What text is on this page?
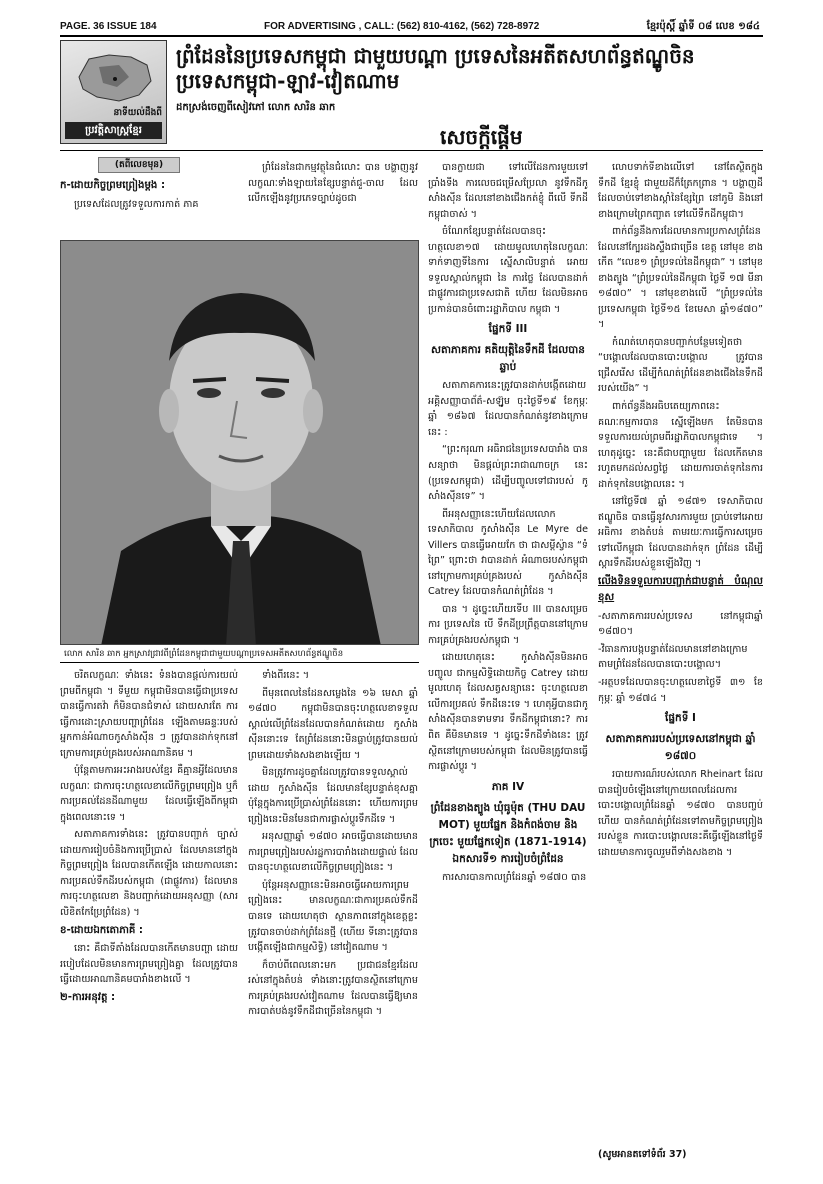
PAGE. 36 ISSUE 184	FOR ADVERTISING , CALL: (562) 810-4162, (562) 728-8972	ខ្មែរប៉ុស្ដិ៍ ឆ្នាំទី ០៨ លេខ ១៨៤
នាទីយល់ដឹងពី
ប្រវត្តិសាស្ត្រខ្មែរ
ព្រំដែននៃប្រទេសកម្ពុជា ជាមួយបណ្ដា ប្រទេសនៃអតីតសហព័ន្ធឥណ្ឌូចិន ប្រទេសកម្ពុជា-ឡាវ-វៀតណាម
ដកស្រង់ចេញពីសៀវភៅ លោក សារិន ឆាក
សេចក្ដីផ្ដើម
(តពីលេខមុន)

ក-ដោយកិច្ចព្រមព្រៀងម្ដង :

ប្រទេសដែលត្រូវទទួលការកាត់ ភាគ

ព្រំដែននៃជាកម្មវត្ថុនៃជំលោះ បាន បង្ហាញនូវលក្ខណៈទាំងឡាយនៃខ្សែបន្ទាត់ជួ-ចាល ដែលលើកឡើងនូវប្រភេទច្បាប់ដូចជា

លោក សារិន ឆាក អ្នកស្រាវជ្រាវពីព្រំដែនកម្ពុជាជាមួយបណ្ដាប្រទេសអតីតសហព័ន្ធឥណ្ឌូចិន

ចរិតលក្ខណៈ ទាំងនេះ ទំនងបានផ្ដល់ការយល់ព្រមពីកម្ពុជា ។ ទីមួយ កម្ពុជាមិនបានធ្វើជាប្រទេសបានធ្វើការតវ៉ា ក៏មិនបានជំទាស់ ដោយសារតែ ការធ្វើការដោះស្រាយបញ្ហាព្រំដែន ឡើងតាមឆន្ទៈរបស់អ្នកកាន់អំណាចកូសាំងស៊ីន ៗ ត្រូវបានដាក់ទុកនៅក្រោមការគ្រប់គ្រងរបស់អាណានិគម ។

ប៉ុន្តែតាមការអះអាងរបស់ខ្មែរ គឺគ្មានអ្វីដែលមានលក្ខណៈ ជាការចុះហត្ថលេខាលើកិច្ចព្រមព្រៀង ឬក៏ការប្រគល់ដែនដីណាមួយ ដែលធ្វើឡើងពីកម្ពុជា ក្នុងពេលនោះទេ ។

សតាភាគការទាំងនេះ ត្រូវបានបញ្ជាក់ ច្បាស់ ដោយការរៀបចំនិងការប្រើប្រាស់ ដែលមាននៅក្នុងកិច្ចព្រមព្រៀង ដែលបានកើតឡើង ដោយកាលនោះ ការប្រគល់ទឹកដីរបស់កម្ពុជា (ជាផ្លូវការ) ដែលមានការចុះហត្ថលេខា និងបញ្ជាក់ដោយអនុសញ្ញា (សារលិខិតកែប្រែព្រំដែន) ។

ខ-ដោយឯកតោភាគី :

នោះ គឺជាទីតាំងដែលបានកើតមានបញ្ហា ដោយរបៀបដែលមិនមានការព្រមព្រៀងគ្នា ដែលត្រូវបានធ្វើដោយអាណានិគមបារាំងខាងលើ ។

២-ការអនុវត្ត :

ទាំងពីរនេះ ។

ពីមុនពេលនៃដែនសម្លេងនៃ ១៦ មេសា ឆ្នាំ ១៨៧០ កម្ពុជាមិនបានចុះហត្ថលេខាទទួលស្គាល់លើព្រំដែនដែលបានកំណត់ដោយ កូសាំងស៊ីននោះទេ តែព្រំដែននោះមិនធ្លាប់ត្រូវបានយល់ព្រមដោយទាំងសងខាងឡើយ ។

មិនត្រូវការដូចគ្នាដែលត្រូវបានទទួលស្គាល់ដោយ កូសាំងស៊ីន ដែលមានខ្សែបន្ទាត់ខុសគ្នា ប៉ុន្តែក្នុងការប្រើប្រាស់ព្រំដែននោះ ហើយការព្រមព្រៀងនេះមិនមែនជាការផ្លាស់ប្ដូរទឹកដីទេ ។

អនុសញ្ញាឆ្នាំ ១៨៧០ អាចធ្វើបានដោយមាន ការព្រមព្រៀងរបស់រដ្ឋការបារាំងដោយផ្ទាល់ ដែលបានចុះហត្ថលេខាលើកិច្ចព្រមព្រៀងនេះ ។

ប៉ុន្តែអនុសញ្ញានេះមិនអាចធ្វើអោយការព្រមព្រៀងនេះ មានលក្ខណៈជាការប្រគល់ទឹកដីបានទេ ដោយហេតុថា ស្ថានភាពនៅក្នុងខេត្តខ្លះ ត្រូវបានចាប់ដាក់ព្រំដែនថ្មី (ហើយ ទីនោះត្រូវបានបង្កើតឡើងជាកម្មសិទ្ធិ) នៅវៀតណាម ។

ក៏ចាប់ពីពេលនោះមក ប្រជាជនខ្មែរដែលរស់នៅក្នុងតំបន់ ទាំងនោះត្រូវបានស្ថិតនៅក្រោមការគ្រប់គ្រងរបស់វៀតណាម ដែលបានធ្វើឱ្យមានការបាត់បង់នូវទឹកដីជាច្រើននៃកម្ពុជា ។

បានក្លាយជា ទៅលើដែនការមួយទៅប្រាំងទីង ការលេចជម្រើសប្រែលា នូវទឹកដីកូសាំងស៊ីន ដែលនៅខាងជើងកត់ខ្ញុំ ពីលើ ទីកដីកម្ពុជាចាស់ ។

ចំណែកខ្សែបន្ទាត់ដែលបានចុះហត្ថលេខា១៧ ដោយមូលហេតុនៃលក្ខណៈទាក់ទាញទីនៃការ ស្នើសាលិបន្ទាត់ អោយទទួលស្គាល់កម្ពុជា នៃ ការថ្លៃ ដែលបានដាក់ជាផ្លូវការជាប្រទេសជាតិ ហើយ ដែលមិនអាចប្រកាន់បានចំពោះរដ្ឋាភិបាល កម្ពុជា ។

ផ្នែកទី III

សតាភាគការ គតិយុត្តិនៃទឹកដី ដែលបានឆ្លាប់

សតាភាគការនេះត្រូវបានដាក់បង្កើតដោយ អគ្គិសញ្ញាបាព័ត៌-សឡ៊ូម ចុះថ្ងៃទី១៩ ខែកុម្ភៈ ឆ្នាំ ១៨៦៧ ដែលបានកំណត់នូវខាងក្រោមនេះ :

“ព្រះករុណា អធិរាជនៃប្រទេសបារាំង បានសន្យាថា មិនផ្ដល់ព្រះរាជាណាចក្រ នេះ (ប្រទេសកម្ពុជា) ដើម្បីបញ្ចូលទៅជារបស់ កូសាំងស៊ីនទេ” ។

ពីអនុសញ្ញានេះហើយដែលលោកទេសាភិបាល កូសាំងស៊ីន Le Myre de Villers បានធ្វើអោយកែ ថា ជាសម្ដីស្វ៉ាន “ទំព្រៃ” ព្រោះថា វាបានដាក់ អំណាចរបស់កម្ពុជា នៅក្រោមការគ្រប់គ្រងរបស់ កូសាំងស៊ីន Catrey ដែលបានកំណត់ព្រំដែន ។

បាន ។ ដូច្នេះហើយទើប III បានសម្រេចការ ប្រទេសនៃ បើ ទឹកដីប្រព្រឹត្តបាននៅក្រោមការគ្រប់គ្រងរបស់កម្ពុជា ។

ដោយហេតុនេះ កូសាំងស៊ីនមិនអាចបញ្ចូល ជាកម្មសិទ្ធិដោយកិច្ច Catrey ដោយមូលហេតុ ដែលសត្វសន្យានេះ ចុះហត្ថលេខាលើការប្រគល់ ទឹកដីនេះទេ ។ ហេតុអ្វីបានជាកូសាំងស៊ីនបានទាមទារ ទឹកដីកម្ពុជានោះ? ការពិត គឺមិនមានទេ ។ ដូច្នេះទឹកដីទាំងនេះ ត្រូវស្ថិតនៅក្រោមរបស់កម្ពុជា ដែលមិនត្រូវបានធ្វើការផ្លាស់ប្ដូរ ។

ភាគ IV

ព្រំដែនខាងត្បូង ឃុំធូម៉ុត (THU DAU MOT) មួយផ្នែក និងកំពង់ចាម និងក្រចេះ មួយផ្នែកទៀត (1871-1914) ឯកសារទី១ ការរៀបចំព្រំដែន

ការសារបានកាលព្រំដែនឆ្នាំ ១៨៧០ បាន

លោបទាក់ទីខាងលើទៅ នៅតែស្ថិតក្នុងទឹកដី ខ្មែរខ្ញុំ ជាមួយដីក៏ត្រែកព្រាន ។ បង្ហាញដី ដែលចាប់ទៅខាងស្ដាំនៃខ្សែព្រៃ នៅភូមិ និងនៅ ខាងក្រោមព្រៃកញ្ចាត ទៅលើទឹកដីកម្ពុជា។

ពាក់ព័ន្ធនឹងការដែលមានការប្រកាសព្រំដែន ដែលនៅក្បែរដងស្ទឹងជាច្រើន ខេត្ត នៅមុខ ខាងកើត “លេខ១ ព្រំប្រទល់នៃដីកម្ពុជា” ។ នៅមុខខាងត្បូង “ព្រំប្រទល់នៃដីកម្ពុជា ថ្ងៃទី ១៧ មីនា ១៨៧០” ។ នៅមុខខាងលើ “ព្រំប្រទល់នៃប្រទេសកម្ពុជា ថ្ងៃទី១៥ ខែមេសា ឆ្នាំ១៨៧០” ។

កំណត់ហេតុបានបញ្ជាក់បន្ថែមទៀតថា “បង្គោលដែលបានបោះបង្គោល ត្រូវបានជ្រើសរើស ដើម្បីកំណត់ព្រំដែនខាងជើងនៃទឹកដីរបស់យើង” ។

ពាក់ព័ន្ធនឹងអធិបតេយ្យភាពនេះ គណៈកម្មការបាន ស្នើឡើងមក តែមិនបានទទួលការយល់ព្រមពីរដ្ឋាភិបាលកម្ពុជាទេ ។ ហេតុដូច្នេះ នេះគឺជាបញ្ហាមួយ ដែលកើតមានរហូតមកដល់សព្វថ្ងៃ ដោយការចាត់ទុកនៃការដាក់ទុកនៃបង្គោលនេះ ។

នៅថ្ងៃទី៧ ឆ្នាំ ១៨៧១ ទេសាភិបាល ឥណ្ឌូចិន បានធ្វើនូវសារការមួយ ប្រាប់ទៅអោយ អធិការ ខាងតំបន់ តាមរយៈការធ្វើការសម្រេចទៅលើកម្ពុជា ដែលបានដាក់ទុក ព្រំដែន ដើម្បីស្ដារទឹកដីរបស់ខ្លួនឡើងវិញ ។

លើងទិនទទួលការបញ្ជាក់ជាបន្ទាត់ បំណុលខុស

-សតាភាគការរបស់ប្រទេស នៅកម្ពុជាឆ្នាំ ១៨៧០។

-វិធានការបង្កបន្ទាត់ដែលមាននៅខាងក្រោម តាមព្រំដែនដែលបានបោះបង្គោល។

-អត្ថបទដែលបានចុះហត្ថលេខាថ្ងៃទី ៣១ ខែកុម្ភៈ ឆ្នាំ ១៨៧៤ ។

ផ្នែកទី I

សតាភាគការរបស់ប្រទេសនៅកម្ពុជា ឆ្នាំ ១៨៧០

របាយការណ៍របស់លោក Rheinart ដែលបានរៀបចំឡើងនៅក្រោយពេលដែលការបោះបង្គោលព្រំដែនឆ្នាំ ១៨៧០ បានបញ្ចប់ ហើយ បានកំណត់ព្រំដែនទៅតាមកិច្ចព្រមព្រៀងរបស់ខ្លួន ការបោះបង្គោលនេះគឺធ្វើឡើងនៅថ្ងៃទី ដោយមានការចូលរួមពីទាំងសងខាង ។

(សូមអានតទៅទំព័រ 37)
